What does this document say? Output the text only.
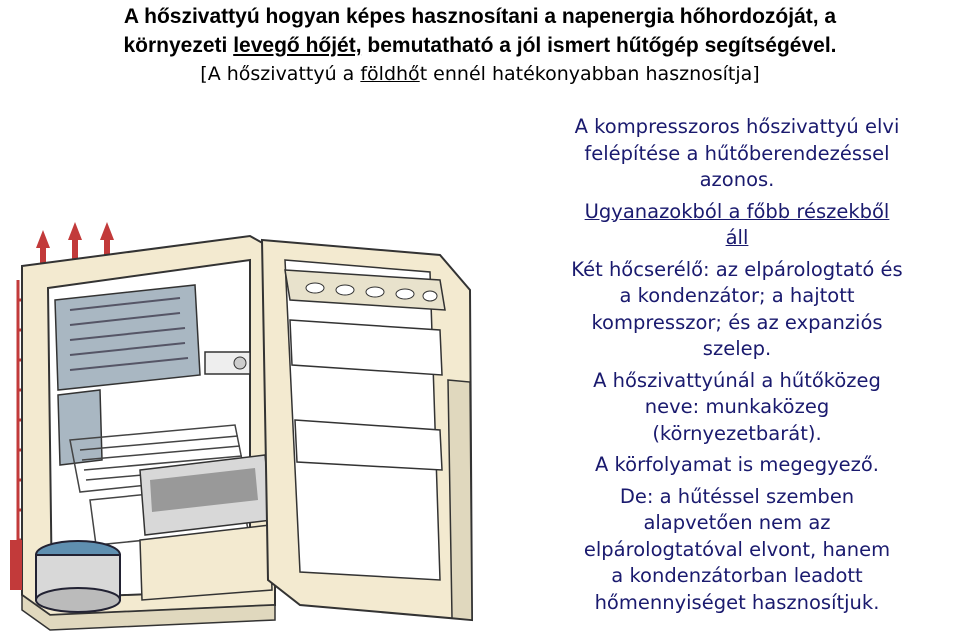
A hőszivattyú hogyan képes hasznosítani a napenergia hőhordozóját, a
környezeti levegő hőjét, bemutatható a jól ismert hűtőgép segítségével.
[A hőszivattyú a földhőt ennél hatékonyabban hasznosítja]

A kompresszoros hőszivattyú elvi
felépítése a hűtőberendezéssel
azonos.

Ugyanazokból a főbb részekből
áll

Két hőcserélő: az elpárologtató és
a kondenzátor; a hajtott
kompresszor; és az expanziós
szelep.

A hőszivattyúnál a hűtőközeg
neve: munkaközeg
(környezetbarát).

A körfolyamat is megegyező.

De: a hűtéssel szemben
alapvetően nem az
elpárologtatóval elvont, hanem
a kondenzátorban leadott
hőmennyiséget hasznosítjuk.
